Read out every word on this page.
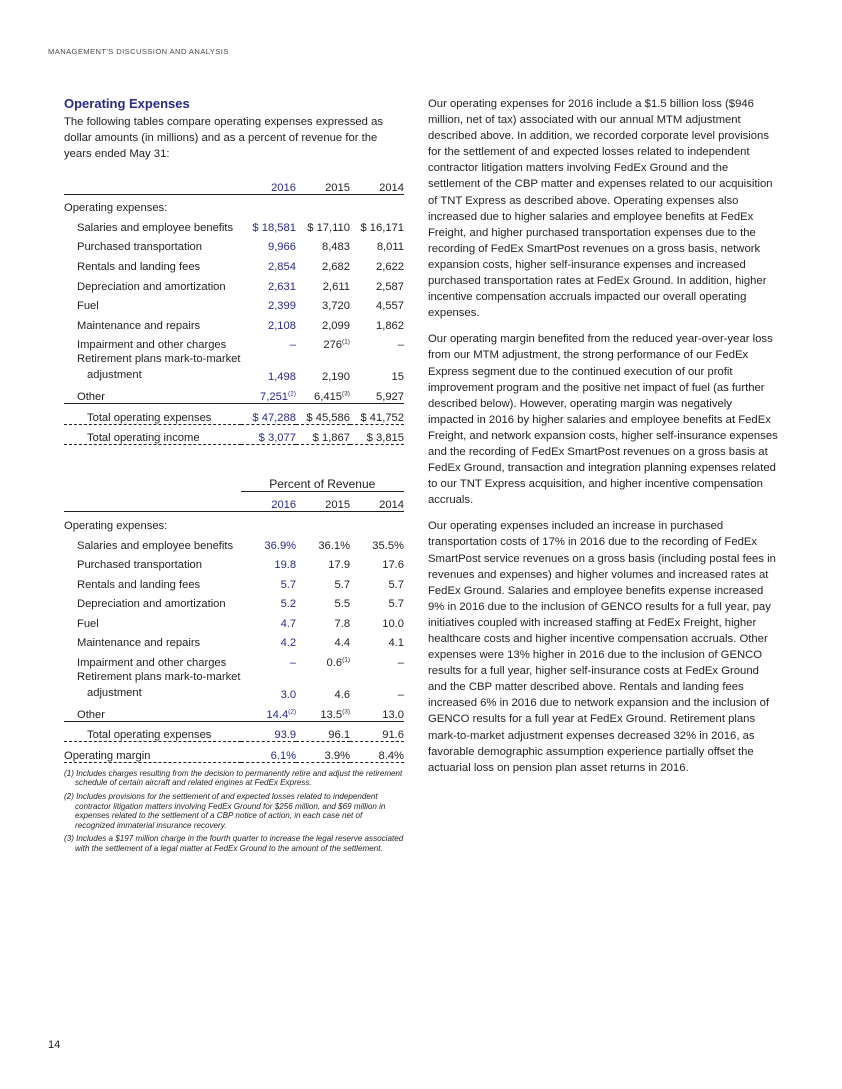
MANAGEMENT'S DISCUSSION AND ANALYSIS
Operating Expenses

The following tables compare operating expenses expressed as dollar amounts (in millions) and as a percent of revenue for the years ended May 31:

	2016	2015	2014
Operating expenses:			
Salaries and employee benefits	$ 18,581	$ 17,110	$ 16,171
Purchased transportation	9,966	8,483	8,011
Rentals and landing fees	2,854	2,682	2,622
Depreciation and amortization	2,631	2,611	2,587
Fuel	2,399	3,720	4,557
Maintenance and repairs	2,108	2,099	1,862
Impairment and other charges	–	276$^{(1)}$	–
Retirement plans mark-to-market
adjustment	1,498	2,190	15
Other	7,251$^{(2)}$	6,415$^{(3)}$	5,927
Total operating expenses	$ 47,288	$ 45,586	$ 41,752
Total operating income	$ 3,077	$ 1,867	$ 3,815
	Percent of Revenue		
	2016	2015	2014
Operating expenses:			
Salaries and employee benefits	36.9%	36.1%	35.5%
Purchased transportation	19.8	17.9	17.6
Rentals and landing fees	5.7	5.7	5.7
Depreciation and amortization	5.2	5.5	5.7
Fuel	4.7	7.8	10.0
Maintenance and repairs	4.2	4.4	4.1
Impairment and other charges	–	0.6$^{(1)}$	–
Retirement plans mark-to-market
adjustment	3.0	4.6	–
Other	14.4$^{(2)}$	13.5$^{(3)}$	13.0
Total operating expenses	93.9	96.1	91.6
Operating margin	6.1%	3.9%	8.4%

(1) Includes charges resulting from the decision to permanently retire and adjust the retirement schedule of certain aircraft and related engines at FedEx Express.

(2) Includes provisions for the settlement of and expected losses related to independent contractor litigation matters involving FedEx Ground for $256 million, and $69 million in expenses related to the settlement of a CBP notice of action, in each case net of recognized immaterial insurance recovery.

(3) Includes a $197 million charge in the fourth quarter to increase the legal reserve associated with the settlement of a legal matter at FedEx Ground to the amount of the settlement.

Our operating expenses for 2016 include a $1.5 billion loss ($946 million, net of tax) associated with our annual MTM adjustment described above. In addition, we recorded corporate level provisions for the settlement of and expected losses related to independent contractor litigation matters involving FedEx Ground and the settlement of the CBP matter and expenses related to our acquisition of TNT Express as described above. Operating expenses also increased due to higher salaries and employee benefits at FedEx Freight, and higher purchased transportation expenses due to the recording of FedEx SmartPost revenues on a gross basis, network expansion costs, higher self-insurance expenses and increased purchased transportation rates at FedEx Ground. In addition, higher incentive compensation accruals impacted our overall operating expenses.

Our operating margin benefited from the reduced year-over-year loss from our MTM adjustment, the strong performance of our FedEx Express segment due to the continued execution of our profit improvement program and the positive net impact of fuel (as further described below). However, operating margin was negatively impacted in 2016 by higher salaries and employee benefits at FedEx Freight, and network expansion costs, higher self-insurance expenses and the recording of FedEx SmartPost revenues on a gross basis at FedEx Ground, transaction and integration planning expenses related to our TNT Express acquisition, and higher incentive compensation accruals.

Our operating expenses included an increase in purchased transportation costs of 17% in 2016 due to the recording of FedEx SmartPost service revenues on a gross basis (including postal fees in revenues and expenses) and higher volumes and increased rates at FedEx Ground. Salaries and employee benefits expense increased 9% in 2016 due to the inclusion of GENCO results for a full year, pay initiatives coupled with increased staffing at FedEx Freight, higher healthcare costs and higher incentive compensation accruals. Other expenses were 13% higher in 2016 due to the inclusion of GENCO results for a full year, higher self-insurance costs at FedEx Ground and the CBP matter described above. Rentals and landing fees increased 6% in 2016 due to network expansion and the inclusion of GENCO results for a full year at FedEx Ground. Retirement plans mark-to-market adjustment expenses decreased 32% in 2016, as favorable demographic assumption experience partially offset the actuarial loss on pension plan asset returns in 2016.

14
